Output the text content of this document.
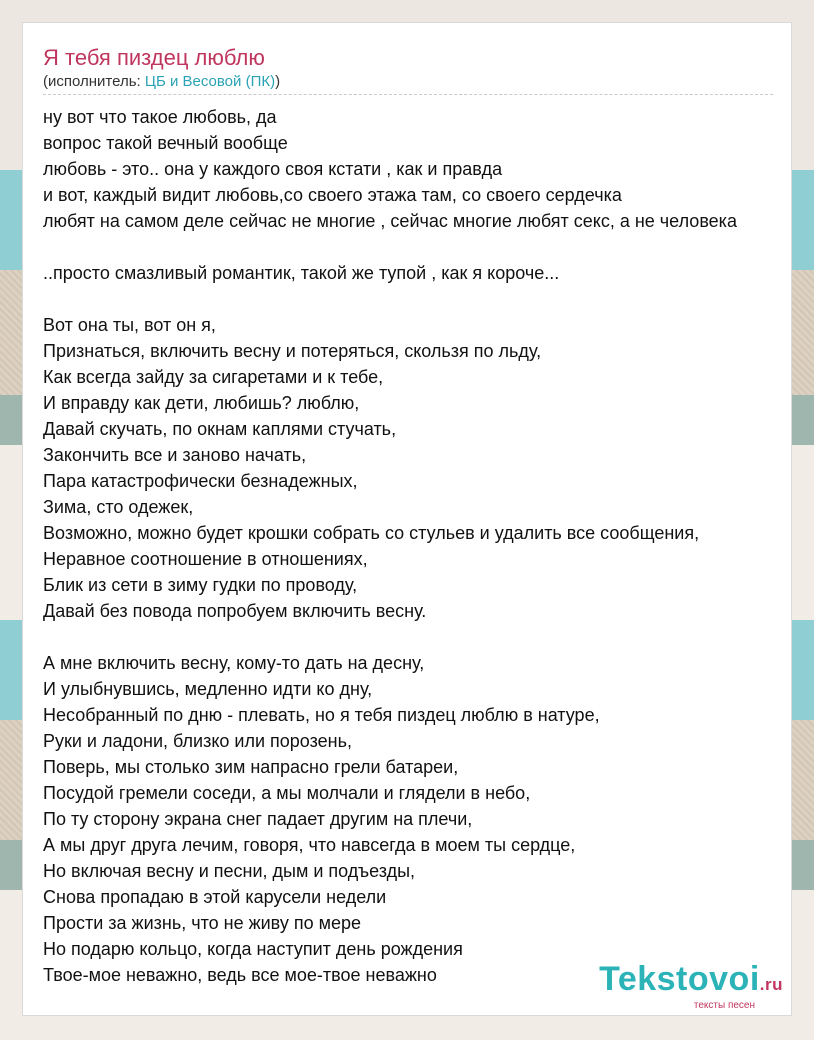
Я тебя пиздец люблю
(исполнитель: ЦБ и Весовой (ПК))
ну вот что такое любовь, да
вопрос такой вечный вообще
любовь - это.. она у каждого своя кстати , как и правда
и вот, каждый видит любовь,со своего этажа там, со своего сердечка
любят на самом деле сейчас не многие , сейчас многие любят секс, а не человека
..просто смазливый романтик, такой же тупой , как я короче...
Вот она ты, вот он я,
Признаться, включить весну и потеряться, скользя по льду,
Как всегда зайду за сигаретами и к тебе,
И вправду как дети, любишь? люблю,
Давай скучать, по окнам каплями стучать,
Закончить все и заново начать,
Пара катастрофически безнадежных,
Зима, сто одежек,
Возможно, можно будет крошки собрать со стульев и удалить все сообщения,
Неравное соотношение в отношениях,
Блик из сети в зиму гудки по проводу,
Давай без повода попробуем включить весну.
А мне включить весну, кому-то дать на десну,
И улыбнувшись, медленно идти ко дну,
Несобранный по дню - плевать, но я тебя пиздец люблю в натуре,
Руки и ладони, близко или порозень,
Поверь, мы столько зим напрасно грели батареи,
Посудой гремели соседи, а мы молчали и глядели в небо,
По ту сторону экрана снег падает другим на плечи,
А мы друг друга лечим, говоря, что навсегда в моем ты сердце,
Но включая весну и песни, дым и подъезды,
Снова пропадаю в этой карусели недели
Прости за жизнь, что не живу по мере
Но подарю кольцо, когда наступит день рождения
Твое-мое неважно, ведь все мое-твое неважно	Tekstovoi.ru
тексты песен
